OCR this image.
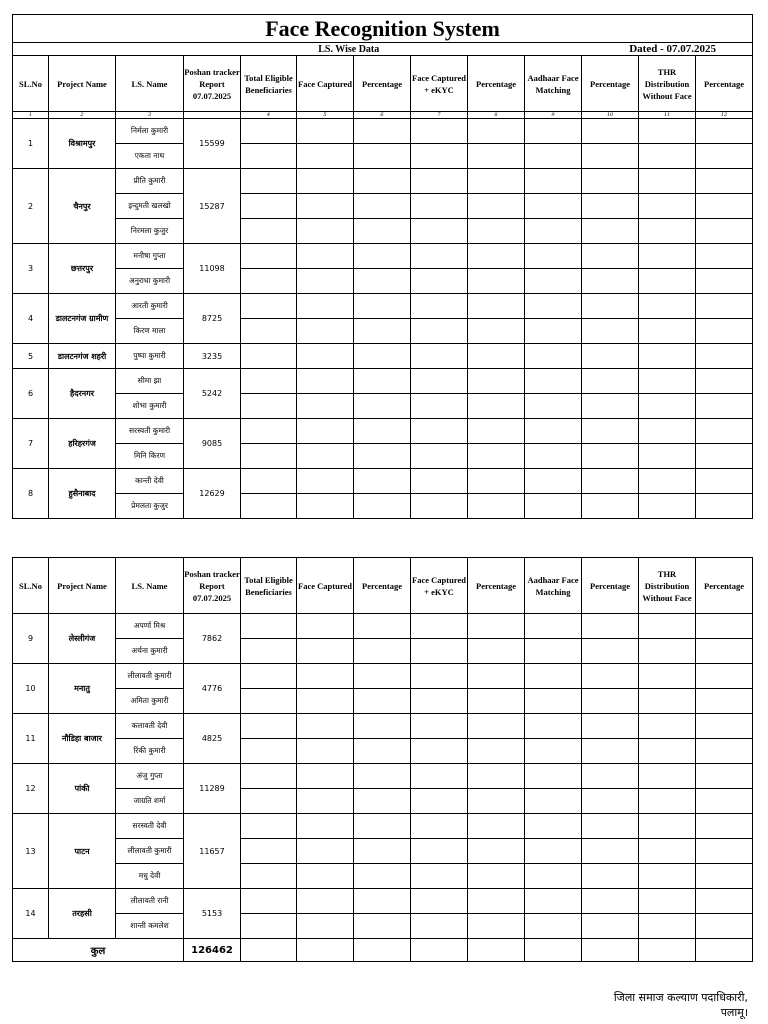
Face Recognition System												
LS. Wise Data									Dated - 07.07.2025			
SL.No	Project Name	LS. Name	Poshan tracker Report 07.07.2025	Total Eligible Beneficiaries	Face Captured	Percentage	Face Captured + eKYC	Percentage	Aadhaar Face Matching	Percentage	THR Distribution Without Face	Percentage
1	2	3		4	5	6	7	8	9	10	11	12
1	विश्रामपुर	निर्मला कुमारी	15599									
		एकता नाथ										
2	चैनपुर	प्रीति कुमारी	15287									
		इन्दुमती खलखो										
		निरमला कुजुर										
3	छत्तरपुर	मनीषा गुप्ता	11098									
		अनुराधा कुमारी										
4	डालटनगंज ग्रामीण	आरती कुमारी	8725									
		किरण माला										
5	डालटनगंज शहरी	पुष्पा कुमारी	3235									
6	हैदरनगर	सीमा झा	5242									
		शोभा कुमारी										
7	हरिहरगंज	सरस्वती कुमारी	9085									
		मिनि किरण										
8	हुसैनाबाद	कान्ती देवी	12629									
		प्रेमलता कुजुर										
SL.No	Project Name	LS. Name	Poshan tracker Report 07.07.2025	Total Eligible Beneficiaries	Face Captured	Percentage	Face Captured + eKYC	Percentage	Aadhaar Face Matching	Percentage	THR Distribution Without Face	Percentage
9	लेस्लीगंज	अपर्णा मिश्र	7862									
		अर्चना कुमारी										
10	मनातु	लीलावती कुमारी	4776									
		अमिता कुमारी										
11	नौडिहा बाजार	कलावती देवी	4825									
		रिंकी कुमारी										
12	पांकी	अंजु गुप्ता	11289									
		जाग्रति शर्मा										
13	पाटन	सरस्वती देवी	11657									
		लीलावती कुमारी										
		मधु देवी										
14	तरहसी	लीलावती रानी	5153									
		शान्ती कमलेश										
कुल			126462									
जिला समाज कल्याण पदाधिकारी,
पलामू।
